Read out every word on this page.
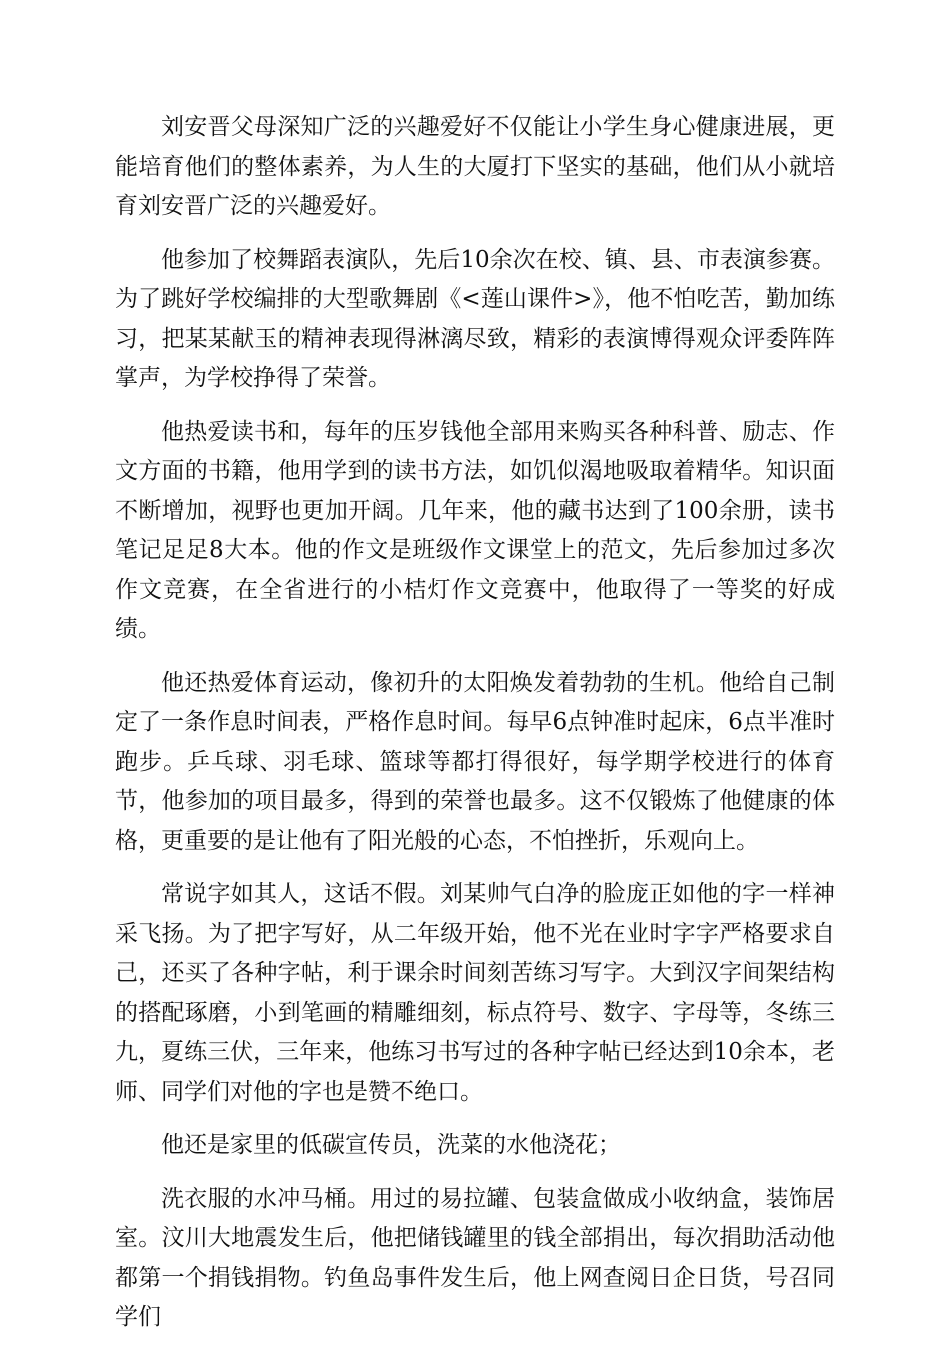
刘安晋父母深知广泛的兴趣爱好不仅能让小学生身心健康进展，更能培育他们的整体素养，为人生的大厦打下坚实的基础，他们从小就培育刘安晋广泛的兴趣爱好。

他参加了校舞蹈表演队，先后10余次在校、镇、县、市表演参赛。为了跳好学校编排的大型歌舞剧《<莲山课件>》，他不怕吃苦，勤加练习，把某某献玉的精神表现得淋漓尽致，精彩的表演博得观众评委阵阵掌声，为学校挣得了荣誉。

他热爱读书和，每年的压岁钱他全部用来购买各种科普、励志、作文方面的书籍，他用学到的读书方法，如饥似渴地吸取着精华。知识面不断增加，视野也更加开阔。几年来，他的藏书达到了100余册，读书笔记足足8大本。他的作文是班级作文课堂上的范文，先后参加过多次作文竞赛，在全省进行的小桔灯作文竞赛中，他取得了一等奖的好成绩。

他还热爱体育运动，像初升的太阳焕发着勃勃的生机。他给自己制定了一条作息时间表，严格作息时间。每早6点钟准时起床，6点半准时跑步。乒乓球、羽毛球、篮球等都打得很好，每学期学校进行的体育节，他参加的项目最多，得到的荣誉也最多。这不仅锻炼了他健康的体格，更重要的是让他有了阳光般的心态，不怕挫折，乐观向上。

常说字如其人，这话不假。刘某帅气白净的脸庞正如他的字一样神采飞扬。为了把字写好，从二年级开始，他不光在业时字字严格要求自己，还买了各种字帖，利于课余时间刻苦练习写字。大到汉字间架结构的搭配琢磨，小到笔画的精雕细刻，标点符号、数字、字母等，冬练三九，夏练三伏，三年来，他练习书写过的各种字帖已经达到10余本，老师、同学们对他的字也是赞不绝口。

他还是家里的低碳宣传员，洗菜的水他浇花；

洗衣服的水冲马桶。用过的易拉罐、包装盒做成小收纳盒，装饰居室。汶川大地震发生后，他把储钱罐里的钱全部捐出，每次捐助活动他都第一个捐钱捐物。钓鱼岛事件发生后，他上网查阅日企日货，号召同学们
